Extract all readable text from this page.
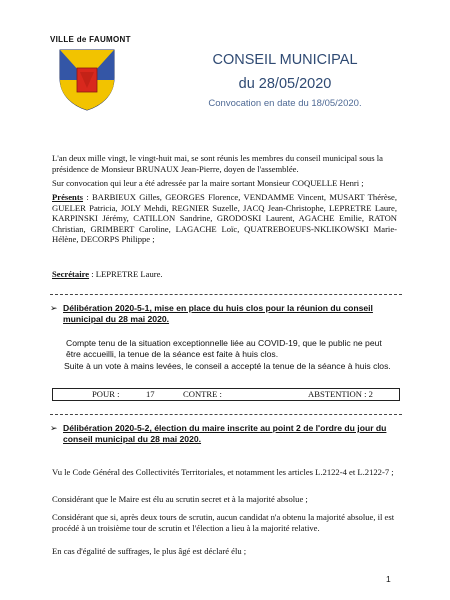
VILLE de FAUMONT
CONSEIL MUNICIPAL
du 28/05/2020
Convocation en date du 18/05/2020.
L'an deux mille vingt, le vingt-huit mai, se sont réunis les membres du conseil municipal sous la présidence de Monsieur BRUNAUX Jean-Pierre, doyen de l'assemblée.
Sur convocation qui leur a été adressée par la maire sortant Monsieur COQUELLE Henri ;
Présents : BARBIEUX Gilles, GEORGES Florence, VENDAMME Vincent, MUSART Thérèse, GUELER Patricia, JOLY Mehdi, REGNIER Suzelle, JACQ Jean-Christophe, LEPRETRE Laure, KARPINSKI Jérémy, CATILLON Sandrine, GRODOSKI Laurent, AGACHE Emilie, RATON Christian, GRIMBERT Caroline, LAGACHE Loïc, QUATREBOEUFS-NKLIKOWSKI Marie-Hélène, DECORPS Philippe ;
Secrétaire : LEPRETRE Laure.
➢ Délibération 2020-5-1, mise en place du huis clos pour la réunion du conseil municipal du 28 mai 2020.
Compte tenu de la situation exceptionnelle liée au COVID-19, que le public ne peut être accueilli, la tenue de la séance est faite à huis clos.
Suite à un vote à mains levées, le conseil a accepté la tenue de la séance à huis clos.
POUR :	17	CONTRE :	ABSTENTION : 2
➢ Délibération 2020-5-2, élection du maire inscrite au point 2 de l'ordre du jour du conseil municipal du 28 mai 2020.
Vu le Code Général des Collectivités Territoriales, et notamment les articles L.2122-4 et L.2122-7 ;
Considérant que le Maire est élu au scrutin secret et à la majorité absolue ;
Considérant que si, après deux tours de scrutin, aucun candidat n'a obtenu la majorité absolue, il est procédé à un troisième tour de scrutin et l'élection a lieu à la majorité relative.
En cas d'égalité de suffrages, le plus âgé est déclaré élu ;
1
